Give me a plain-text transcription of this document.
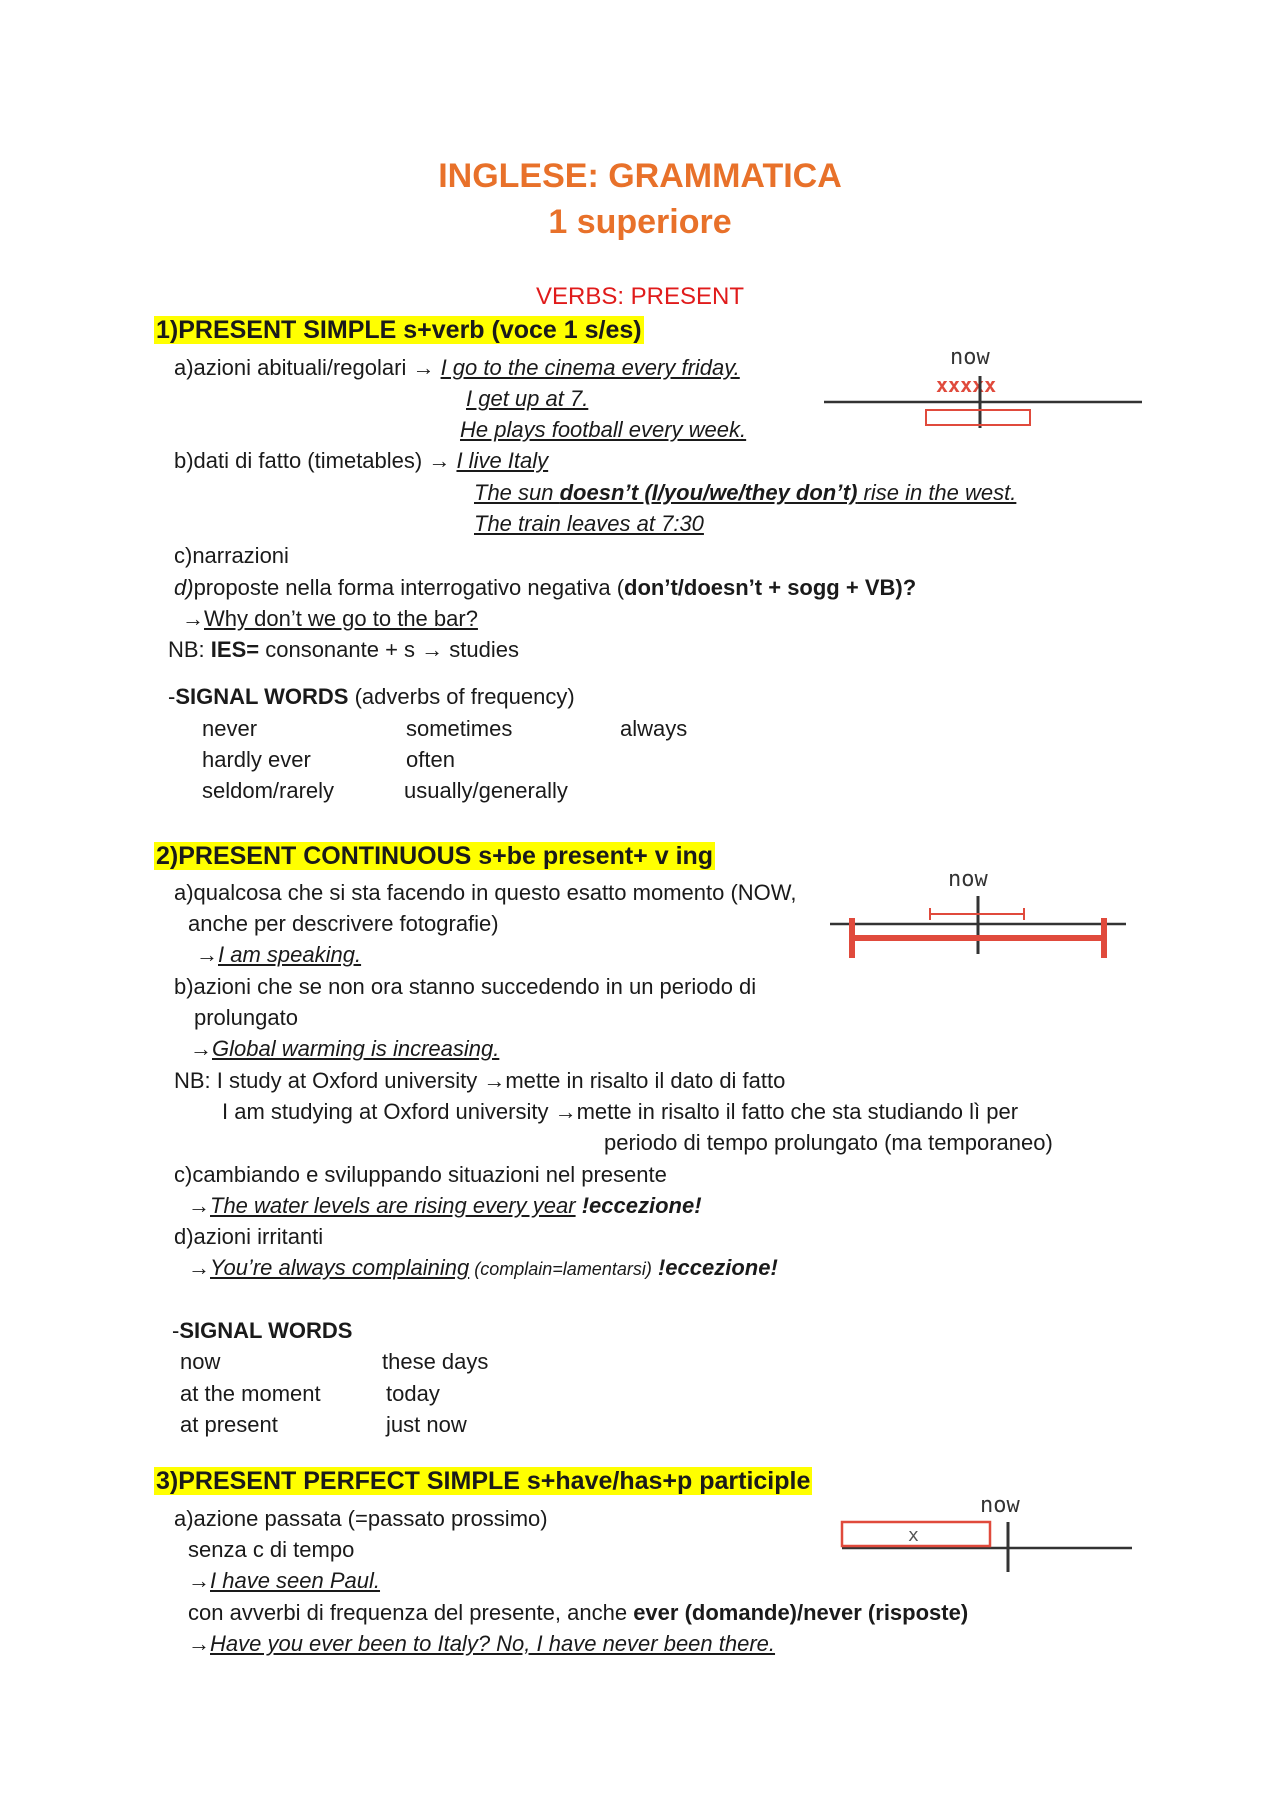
INGLESE: GRAMMATICA
1 superiore
VERBS: PRESENT
1)PRESENT SIMPLE s+verb (voce 1 s/es)
a)azioni abituali/regolari → I go to the cinema every friday.
I get up at 7.
He plays football every week.
b)dati di fatto (timetables) → I live Italy
The sun doesn’t (I/you/we/they don’t) rise in the west.
The train leaves at 7:30
c)narrazioni
d)proposte nella forma interrogativo negativa (don’t/doesn’t + sogg + VB)?
→Why don’t we go to the bar?
NB: IES= consonante + s → studies
-SIGNAL WORDS (adverbs of frequency)
never	sometimes	always
hardly ever	often
seldom/rarely	usually/generally
now
xxxxx
2)PRESENT CONTINUOUS s+be present+ v ing
a)qualcosa che si sta facendo in questo esatto momento (NOW,
anche per descrivere fotografie)
→I am speaking.
b)azioni che se non ora stanno succedendo in un periodo di
prolungato
→Global warming is increasing.
NB: I study at Oxford university →mette in risalto il dato di fatto
I am studying at Oxford university →mette in risalto il fatto che sta studiando lì per
periodo di tempo prolungato (ma temporaneo)
c)cambiando e sviluppando situazioni nel presente
→The water levels are rising every year !eccezione!
d)azioni irritanti
→You’re always complaining (complain=lamentarsi) !eccezione!
-SIGNAL WORDS
now	these days
at the moment	today
at present	just now
now
3)PRESENT PERFECT SIMPLE s+have/has+p participle
a)azione passata (=passato prossimo)
senza c di tempo
→I have seen Paul.
con avverbi di frequenza del presente, anche ever (domande)/never (risposte)
→Have you ever been to Italy? No, I have never been there.
now
x
